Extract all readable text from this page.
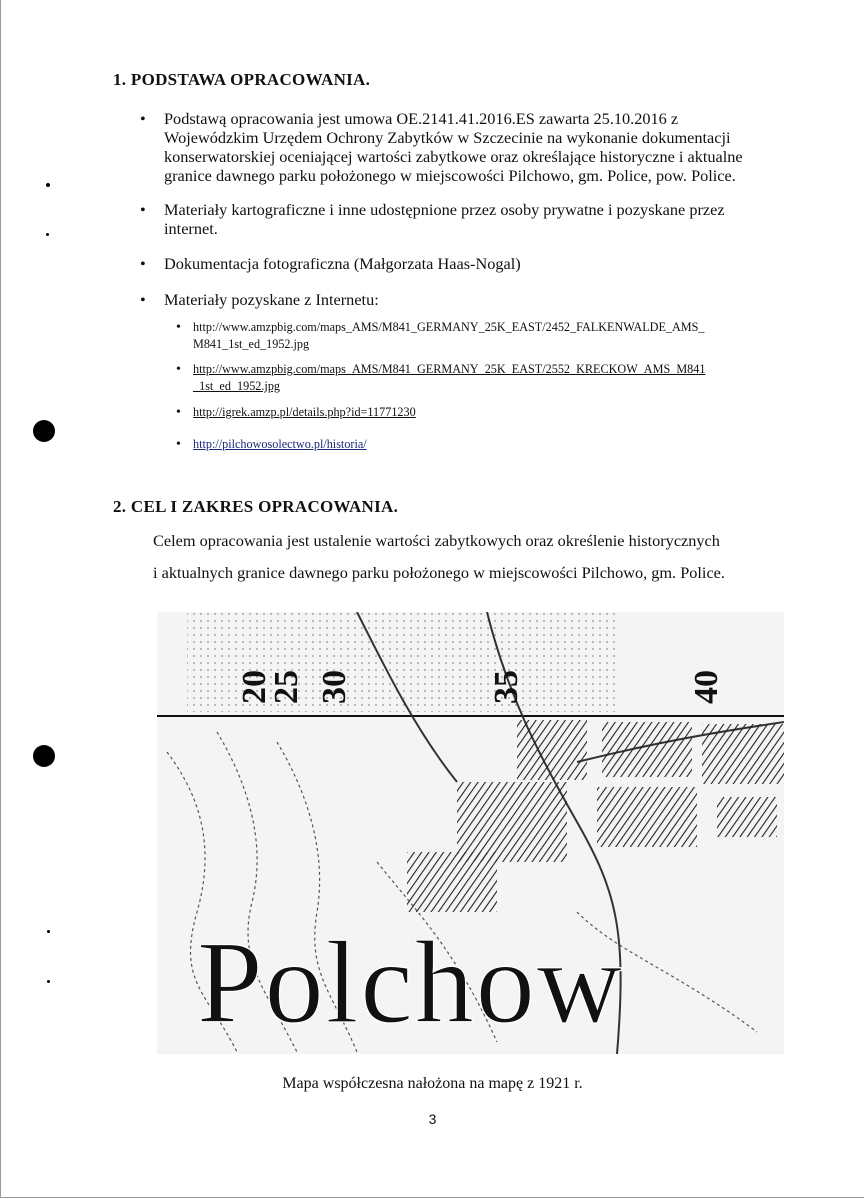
1. PODSTAWA OPRACOWANIA.
• Podstawą opracowania jest umowa OE.2141.41.2016.ES zawarta 25.10.2016 z
Wojewódzkim Urzędem Ochrony Zabytków w Szczecinie na wykonanie dokumentacji
konserwatorskiej oceniającej wartości zabytkowe oraz określające historyczne i aktualne
granice dawnego parku położonego w miejscowości Pilchowo, gm. Police, pow. Police.
• Materiały kartograficzne i inne udostępnione przez osoby prywatne i pozyskane przez
internet.
• Dokumentacja fotograficzna (Małgorzata Haas-Nogal)
• Materiały pozyskane z Internetu:
• http://www.amzpbig.com/maps_AMS/M841_GERMANY_25K_EAST/2452_FALKENWALDE_AMS_
M841_1st_ed_1952.jpg
• http://www.amzpbig.com/maps_AMS/M841_GERMANY_25K_EAST/2552_KRECKOW_AMS_M841
_1st_ed_1952.jpg
• http://igrek.amzp.pl/details.php?id=11771230
• http://pilchowosolectwo.pl/historia/
2. CEL I ZAKRES OPRACOWANIA.
Celem opracowania jest ustalenie wartości zabytkowych oraz określenie historycznych
i aktualnych granice dawnego parku położonego w miejscowości Pilchowo, gm. Police.
20
25 30	35	40
Polchow
Mapa współczesna nałożona na mapę z 1921 r.
3
